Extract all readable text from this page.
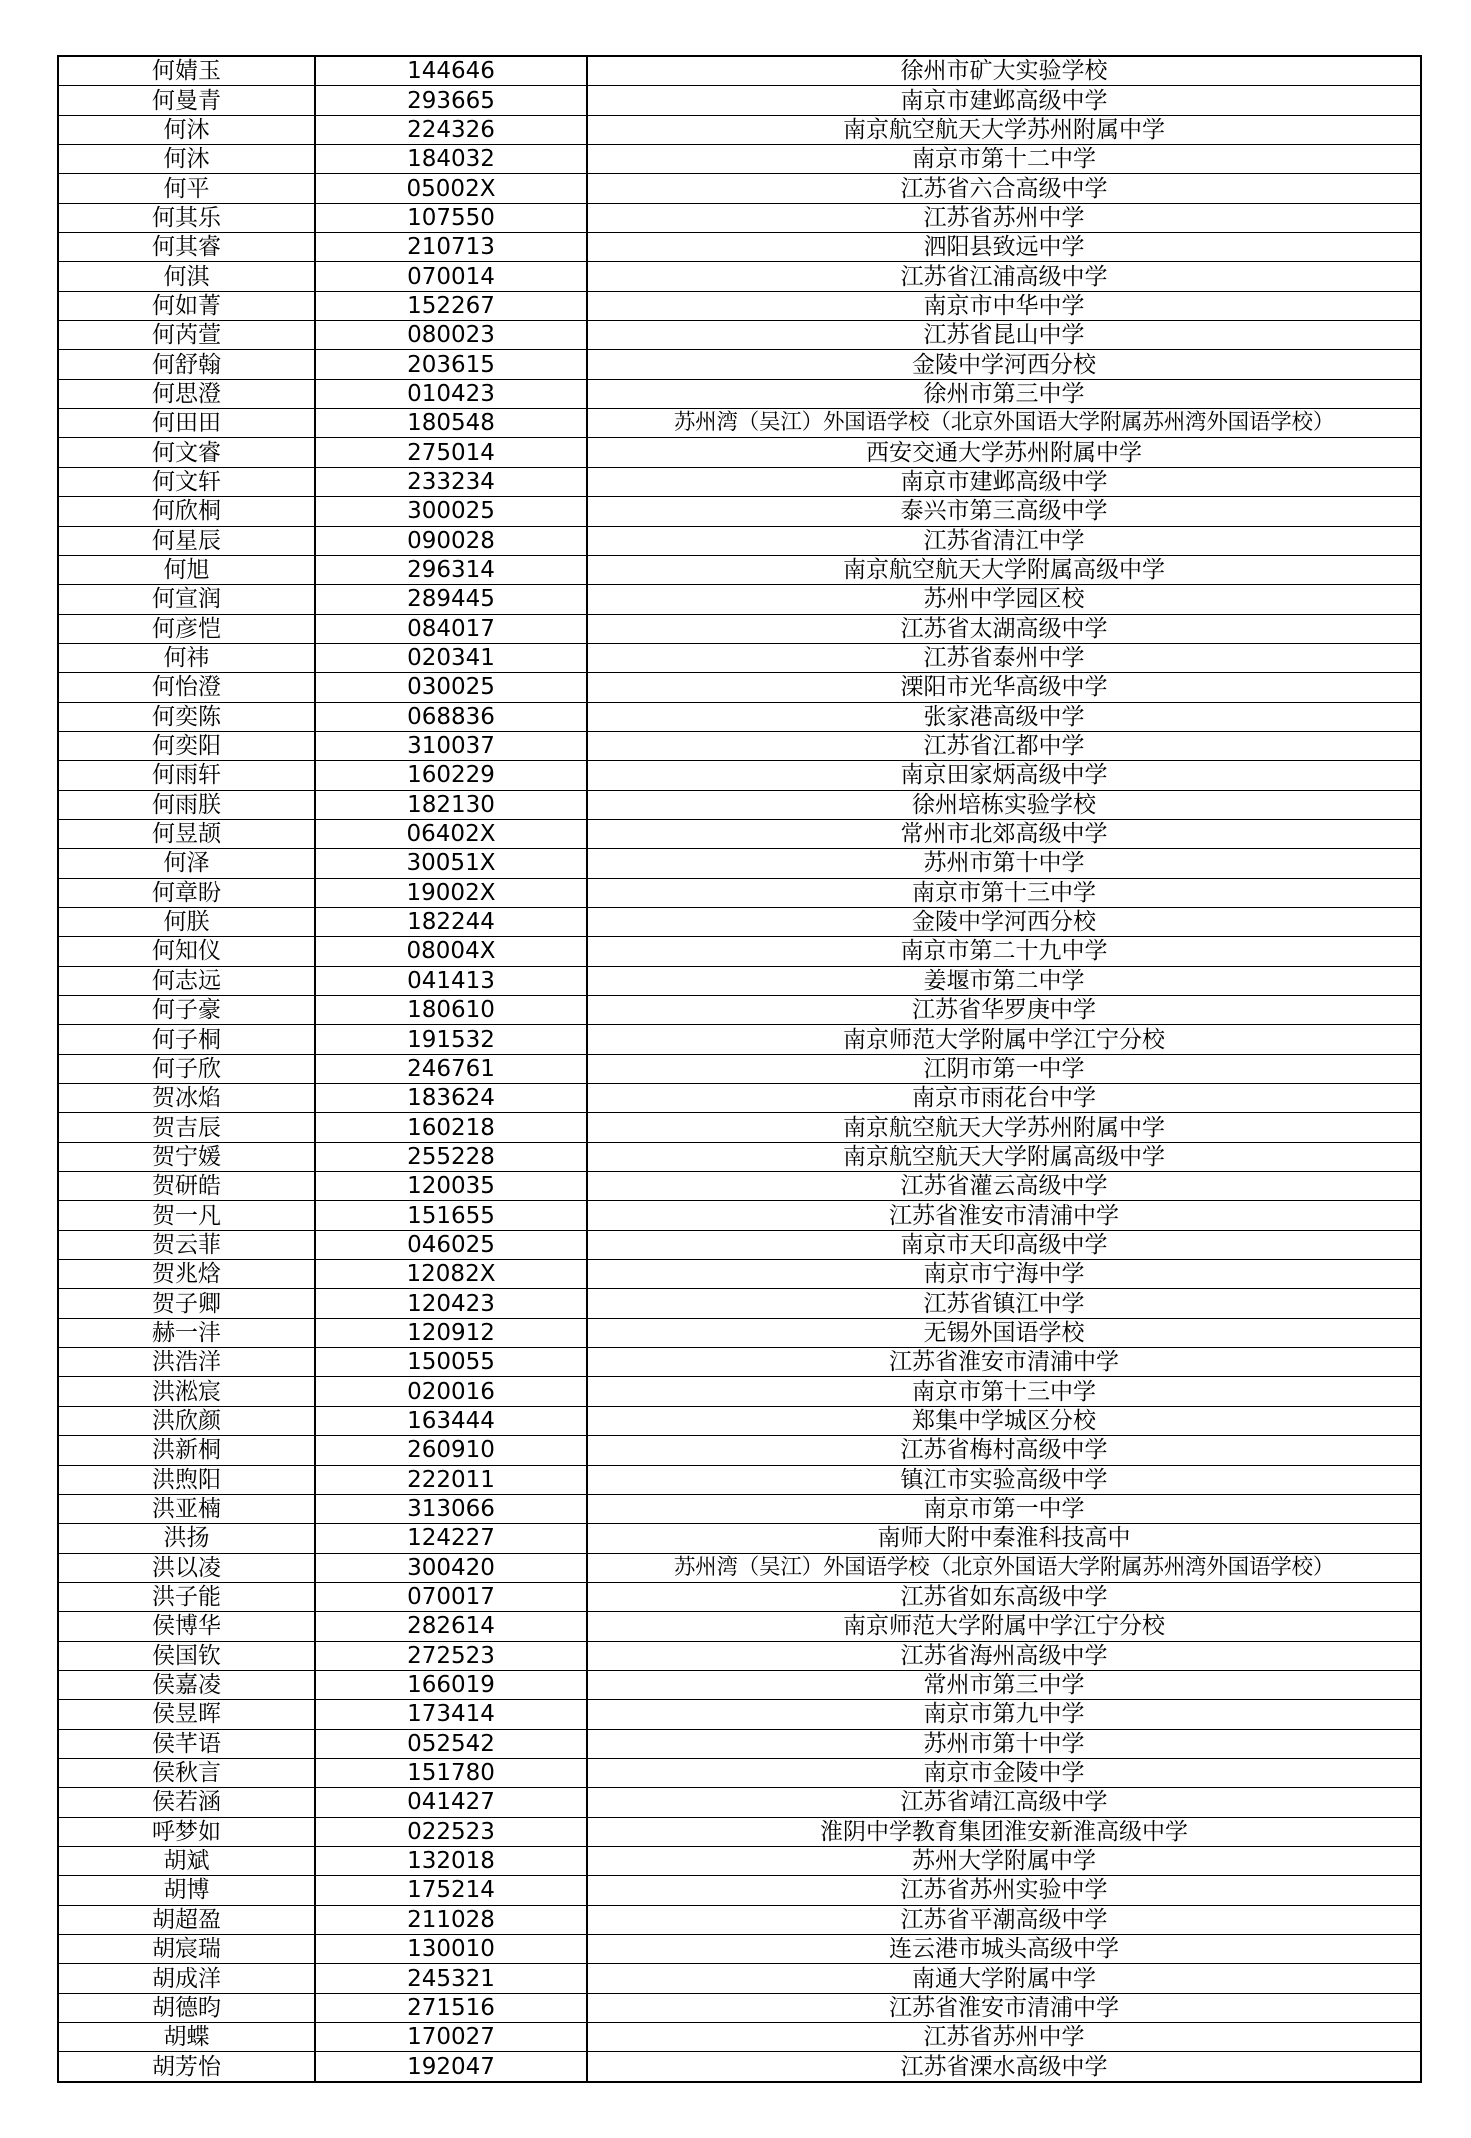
何婧玉	144646	徐州市矿大实验学校
何曼青	293665	南京市建邺高级中学
何沐	224326	南京航空航天大学苏州附属中学
何沐	184032	南京市第十二中学
何平	05002X	江苏省六合高级中学
何其乐	107550	江苏省苏州中学
何其睿	210713	泗阳县致远中学
何淇	070014	江苏省江浦高级中学
何如菁	152267	南京市中华中学
何芮萱	080023	江苏省昆山中学
何舒翰	203615	金陵中学河西分校
何思澄	010423	徐州市第三中学
何田田	180548	苏州湾（吴江）外国语学校（北京外国语大学附属苏州湾外国语学校）
何文睿	275014	西安交通大学苏州附属中学
何文轩	233234	南京市建邺高级中学
何欣桐	300025	泰兴市第三高级中学
何星辰	090028	江苏省清江中学
何旭	296314	南京航空航天大学附属高级中学
何宣润	289445	苏州中学园区校
何彦恺	084017	江苏省太湖高级中学
何祎	020341	江苏省泰州中学
何怡澄	030025	溧阳市光华高级中学
何奕陈	068836	张家港高级中学
何奕阳	310037	江苏省江都中学
何雨轩	160229	南京田家炳高级中学
何雨朕	182130	徐州培栋实验学校
何昱颉	06402X	常州市北郊高级中学
何泽	30051X	苏州市第十中学
何章盼	19002X	南京市第十三中学
何朕	182244	金陵中学河西分校
何知仪	08004X	南京市第二十九中学
何志远	041413	姜堰市第二中学
何子豪	180610	江苏省华罗庚中学
何子桐	191532	南京师范大学附属中学江宁分校
何子欣	246761	江阴市第一中学
贺冰焰	183624	南京市雨花台中学
贺吉辰	160218	南京航空航天大学苏州附属中学
贺宁媛	255228	南京航空航天大学附属高级中学
贺研皓	120035	江苏省灌云高级中学
贺一凡	151655	江苏省淮安市清浦中学
贺云菲	046025	南京市天印高级中学
贺兆焓	12082X	南京市宁海中学
贺子卿	120423	江苏省镇江中学
赫一沣	120912	无锡外国语学校
洪浩洋	150055	江苏省淮安市清浦中学
洪淞宸	020016	南京市第十三中学
洪欣颜	163444	郑集中学城区分校
洪新桐	260910	江苏省梅村高级中学
洪煦阳	222011	镇江市实验高级中学
洪亚楠	313066	南京市第一中学
洪扬	124227	南师大附中秦淮科技高中
洪以凌	300420	苏州湾（吴江）外国语学校（北京外国语大学附属苏州湾外国语学校）
洪子能	070017	江苏省如东高级中学
侯博华	282614	南京师范大学附属中学江宁分校
侯国钦	272523	江苏省海州高级中学
侯嘉凌	166019	常州市第三中学
侯昱晖	173414	南京市第九中学
侯芊语	052542	苏州市第十中学
侯秋言	151780	南京市金陵中学
侯若涵	041427	江苏省靖江高级中学
呼梦如	022523	淮阴中学教育集团淮安新淮高级中学
胡斌	132018	苏州大学附属中学
胡博	175214	江苏省苏州实验中学
胡超盈	211028	江苏省平潮高级中学
胡宸瑞	130010	连云港市城头高级中学
胡成洋	245321	南通大学附属中学
胡德昀	271516	江苏省淮安市清浦中学
胡蝶	170027	江苏省苏州中学
胡芳怡	192047	江苏省溧水高级中学
